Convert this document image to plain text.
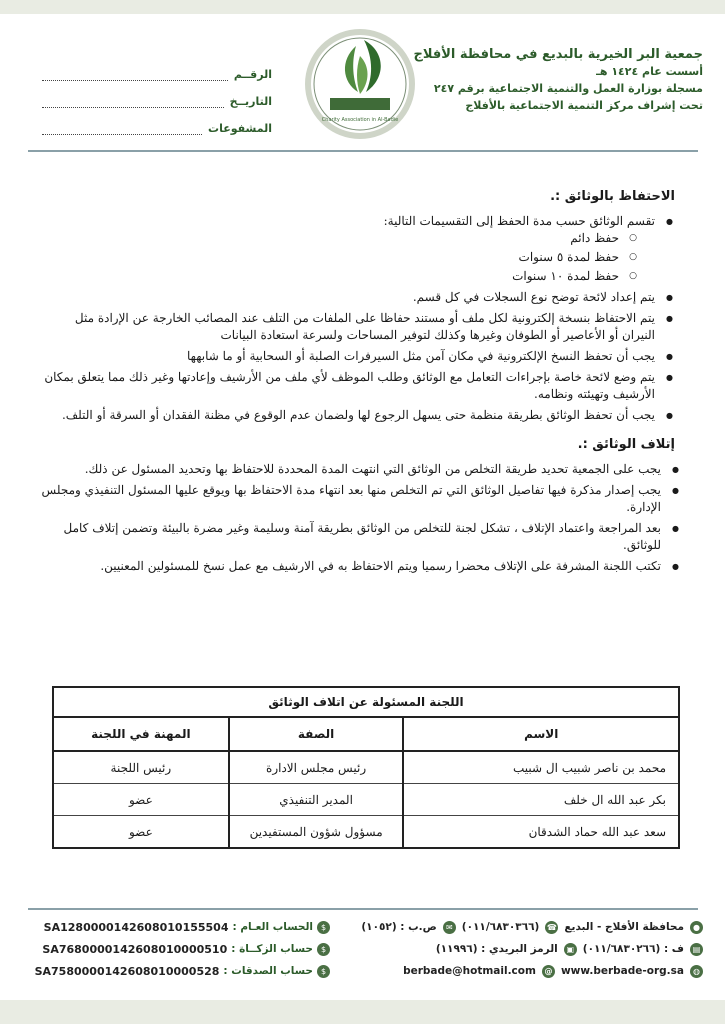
جمعية البر الخيرية بالبديع في محافظة الأفلاج
أسست عام ١٤٢٤ هـ
مسجلة بوزارة العمل والتنمية الاجتماعية برقم ٢٤٧
تحت إشراف مركز التنمية الاجتماعية بالأفلاج
Charity Association in Al-Badie
الرقــم
التاريــخ
المشفوعات
الاحتفاظ بالوثائق :.
● تقسم الوثائق حسب مدة الحفظ إلى التقسيمات التالية:
○ حفظ دائم
○ حفظ لمدة ٥ سنوات
○ حفظ لمدة ١٠ سنوات
● يتم إعداد لائحة توضح نوع السجلات في كل قسم.
● يتم الاحتفاظ بنسخة إلكترونية لكل ملف أو مستند حفاظا على الملفات من التلف عند المصائب الخارجة عن الإرادة مثل النيران أو الأعاصير أو الطوفان وغيرها وكذلك لتوفير المساحات ولسرعة استعادة البيانات
● يجب أن تحفظ النسخ الإلكترونية في مكان آمن مثل السيرفرات الصلبة أو السحابية أو ما شابهها
● يتم وضع لائحة خاصة بإجراءات التعامل مع الوثائق وطلب الموظف لأي ملف من الأرشيف وإعادتها وغير ذلك مما يتعلق بمكان الأرشيف وتهيئته ونظامه.
● يجب أن تحفظ الوثائق بطريقة منظمة حتى يسهل الرجوع لها ولضمان عدم الوقوع في مظنة الفقدان أو السرقة أو التلف.
إتلاف الوثائق :.
● يجب على الجمعية تحديد طريقة التخلص من الوثائق التي انتهت المدة المحددة للاحتفاظ بها وتحديد المسئول عن ذلك.
● يجب إصدار مذكرة فيها تفاصيل الوثائق التي تم التخلص منها بعد انتهاء مدة الاحتفاظ بها ويوقع عليها المسئول التنفيذي ومجلس الإدارة.
● بعد المراجعة واعتماد الإتلاف ، تشكل لجنة للتخلص من الوثائق بطريقة آمنة وسليمة وغير مضرة بالبيئة وتضمن إتلاف كامل للوثائق.
● تكتب اللجنة المشرفة على الإتلاف محضرا رسميا ويتم الاحتفاظ به في الارشيف مع عمل نسخ للمسئولين المعنيين.
اللجنة المسئولة عن اتلاف الوثائق
الاسم	الصفة	المهنة في اللجنة
محمد بن ناصر شبيب ال شبيب	رئيس مجلس الادارة	رئيس اللجنة
بكر عبد الله ال خلف	المدير التنفيذي	عضو
سعد عبد الله حماد الشدقان	مسؤول شؤون المستفيدين	عضو
$
الحساب العـام :
SA1280000142608010155504
$
حساب الزكــاة :
SA7680000142608010000510
$
حساب الصدقات :
SA7580000142608010000528
●
محافظة الأفلاج - البديع
☎
(٠١١/٦٨٣٠٣٦٦)
✉
ص.ب : (١٠٥٢)
▤
ف : (٠١١/٦٨٣٠٢٦٦)
▣
الرمز البريدي : (١١٩٩٦)
◍
www.berbade-org.sa
@
berbade@hotmail.com
